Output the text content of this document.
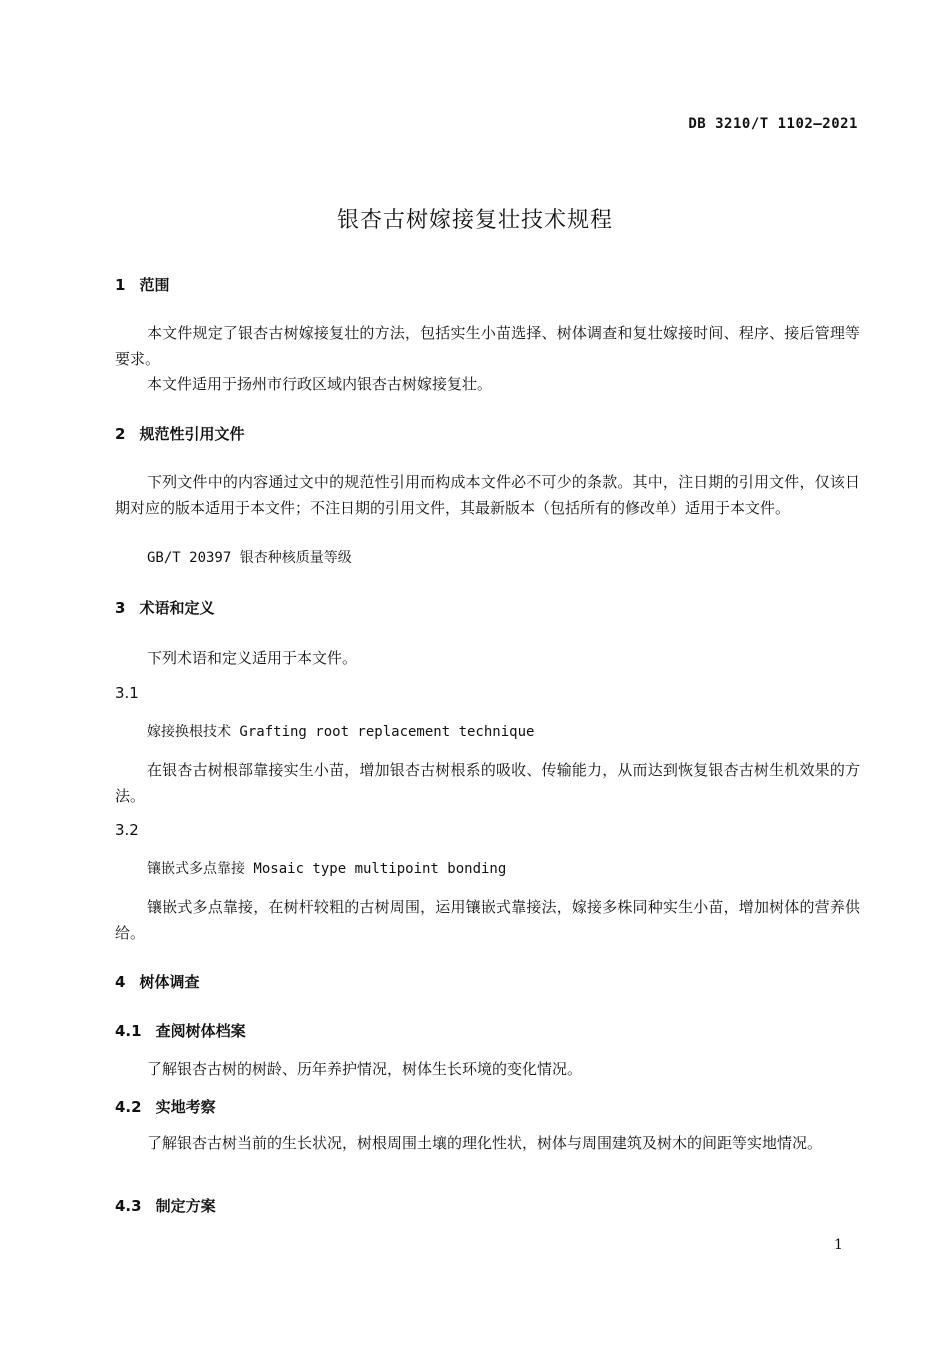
DB 3210/T 1102—2021
银杏古树嫁接复壮技术规程
1 范围
本文件规定了银杏古树嫁接复壮的方法，包括实生小苗选择、树体调查和复壮嫁接时间、程序、接后管理等要求。
本文件适用于扬州市行政区域内银杏古树嫁接复壮。
2 规范性引用文件
下列文件中的内容通过文中的规范性引用而构成本文件必不可少的条款。其中，注日期的引用文件，仅该日期对应的版本适用于本文件；不注日期的引用文件，其最新版本（包括所有的修改单）适用于本文件。
GB/T 20397 银杏种核质量等级
3 术语和定义
下列术语和定义适用于本文件。
3.1
嫁接换根技术 Grafting root replacement technique
在银杏古树根部靠接实生小苗，增加银杏古树根系的吸收、传输能力，从而达到恢复银杏古树生机效果的方法。
3.2
镶嵌式多点靠接 Mosaic type multipoint bonding
镶嵌式多点靠接，在树杆较粗的古树周围，运用镶嵌式靠接法，嫁接多株同种实生小苗，增加树体的营养供给。
4 树体调查
4.1 查阅树体档案
了解银杏古树的树龄、历年养护情况，树体生长环境的变化情况。
4.2 实地考察
了解银杏古树当前的生长状况，树根周围土壤的理化性状，树体与周围建筑及树木的间距等实地情况。
4.3 制定方案
1
